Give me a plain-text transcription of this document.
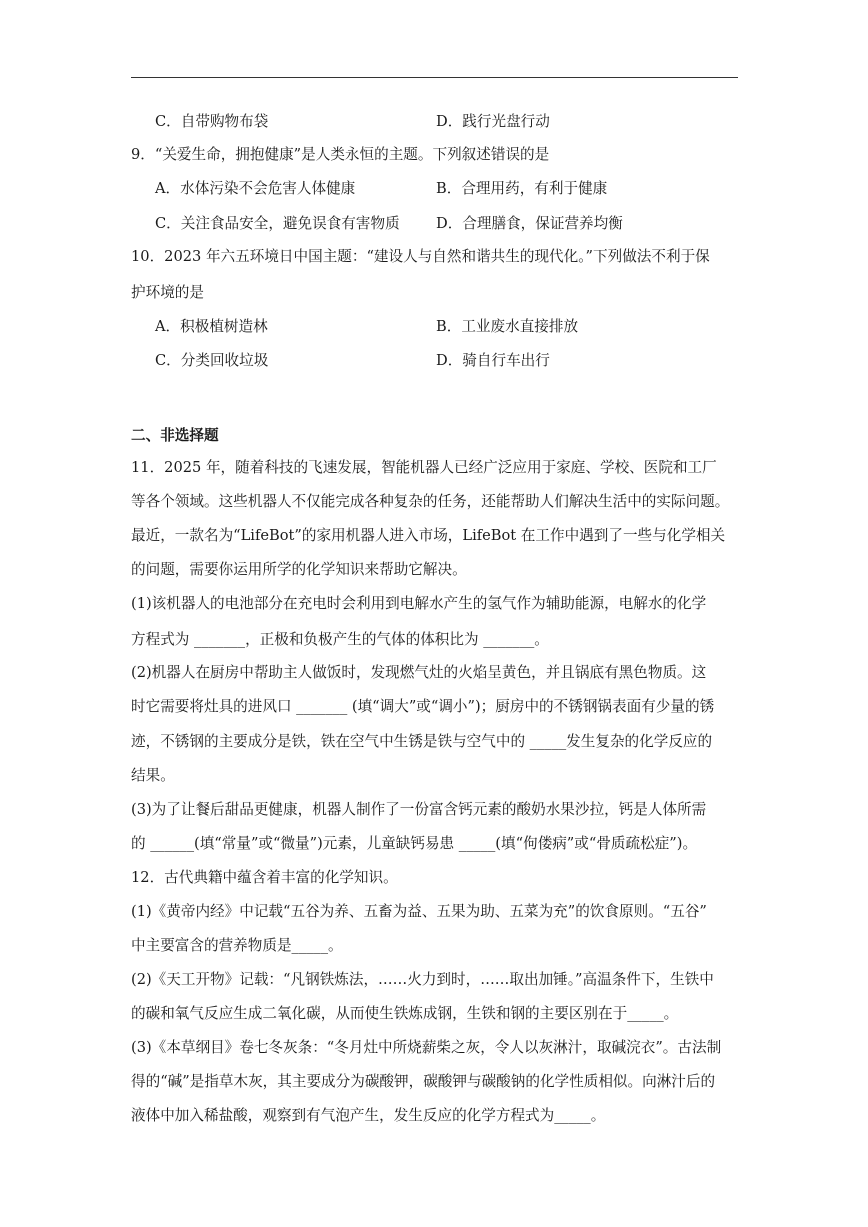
C．自带购物布袋	D．践行光盘行动
9．“关爱生命，拥抱健康”是人类永恒的主题。下列叙述错误的是
A．水体污染不会危害人体健康	B．合理用药，有利于健康
C．关注食品安全，避免误食有害物质 D．合理膳食，保证营养均衡
10．2023 年六五环境日中国主题：“建设人与自然和谐共生的现代化。”下列做法不利于保
护环境的是
A．积极植树造林	B．工业废水直接排放
C．分类回收垃圾	D．骑自行车出行
二、非选择题
11．2025 年，随着科技的飞速发展，智能机器人已经广泛应用于家庭、学校、医院和工厂
等各个领域。这些机器人不仅能完成各种复杂的任务，还能帮助人们解决生活中的实际问题。
最近，一款名为“LifeBot”的家用机器人进入市场，LifeBot 在工作中遇到了一些与化学相关
的问题，需要你运用所学的化学知识来帮助它解决。
(1)该机器人的电池部分在充电时会利用到电解水产生的氢气作为辅助能源，电解水的化学
方程式为 _______，正极和负极产生的气体的体积比为 _______。
(2)机器人在厨房中帮助主人做饭时，发现燃气灶的火焰呈黄色，并且锅底有黑色物质。这
时它需要将灶具的进风口 _______ (填“调大”或“调小”)；厨房中的不锈钢锅表面有少量的锈
迹，不锈钢的主要成分是铁，铁在空气中生锈是铁与空气中的 _____发生复杂的化学反应的
结果。
(3)为了让餐后甜品更健康，机器人制作了一份富含钙元素的酸奶水果沙拉，钙是人体所需
的 ______(填“常量”或“微量”)元素，儿童缺钙易患 _____(填“佝偻病”或“骨质疏松症”)。
12．古代典籍中蕴含着丰富的化学知识。
(1)《黄帝内经》中记载“五谷为养、五畜为益、五果为助、五菜为充”的饮食原则。“五谷”
中主要富含的营养物质是_____。
(2)《天工开物》记载：“凡钢铁炼法，……火力到时，……取出加锤。”高温条件下，生铁中
的碳和氧气反应生成二氧化碳，从而使生铁炼成钢，生铁和钢的主要区别在于_____。
(3)《本草纲目》卷七冬灰条：“冬月灶中所烧薪柴之灰，令人以灰淋汁，取碱浣衣”。古法制
得的“碱”是指草木灰，其主要成分为碳酸钾，碳酸钾与碳酸钠的化学性质相似。向淋汁后的
液体中加入稀盐酸，观察到有气泡产生，发生反应的化学方程式为_____。
